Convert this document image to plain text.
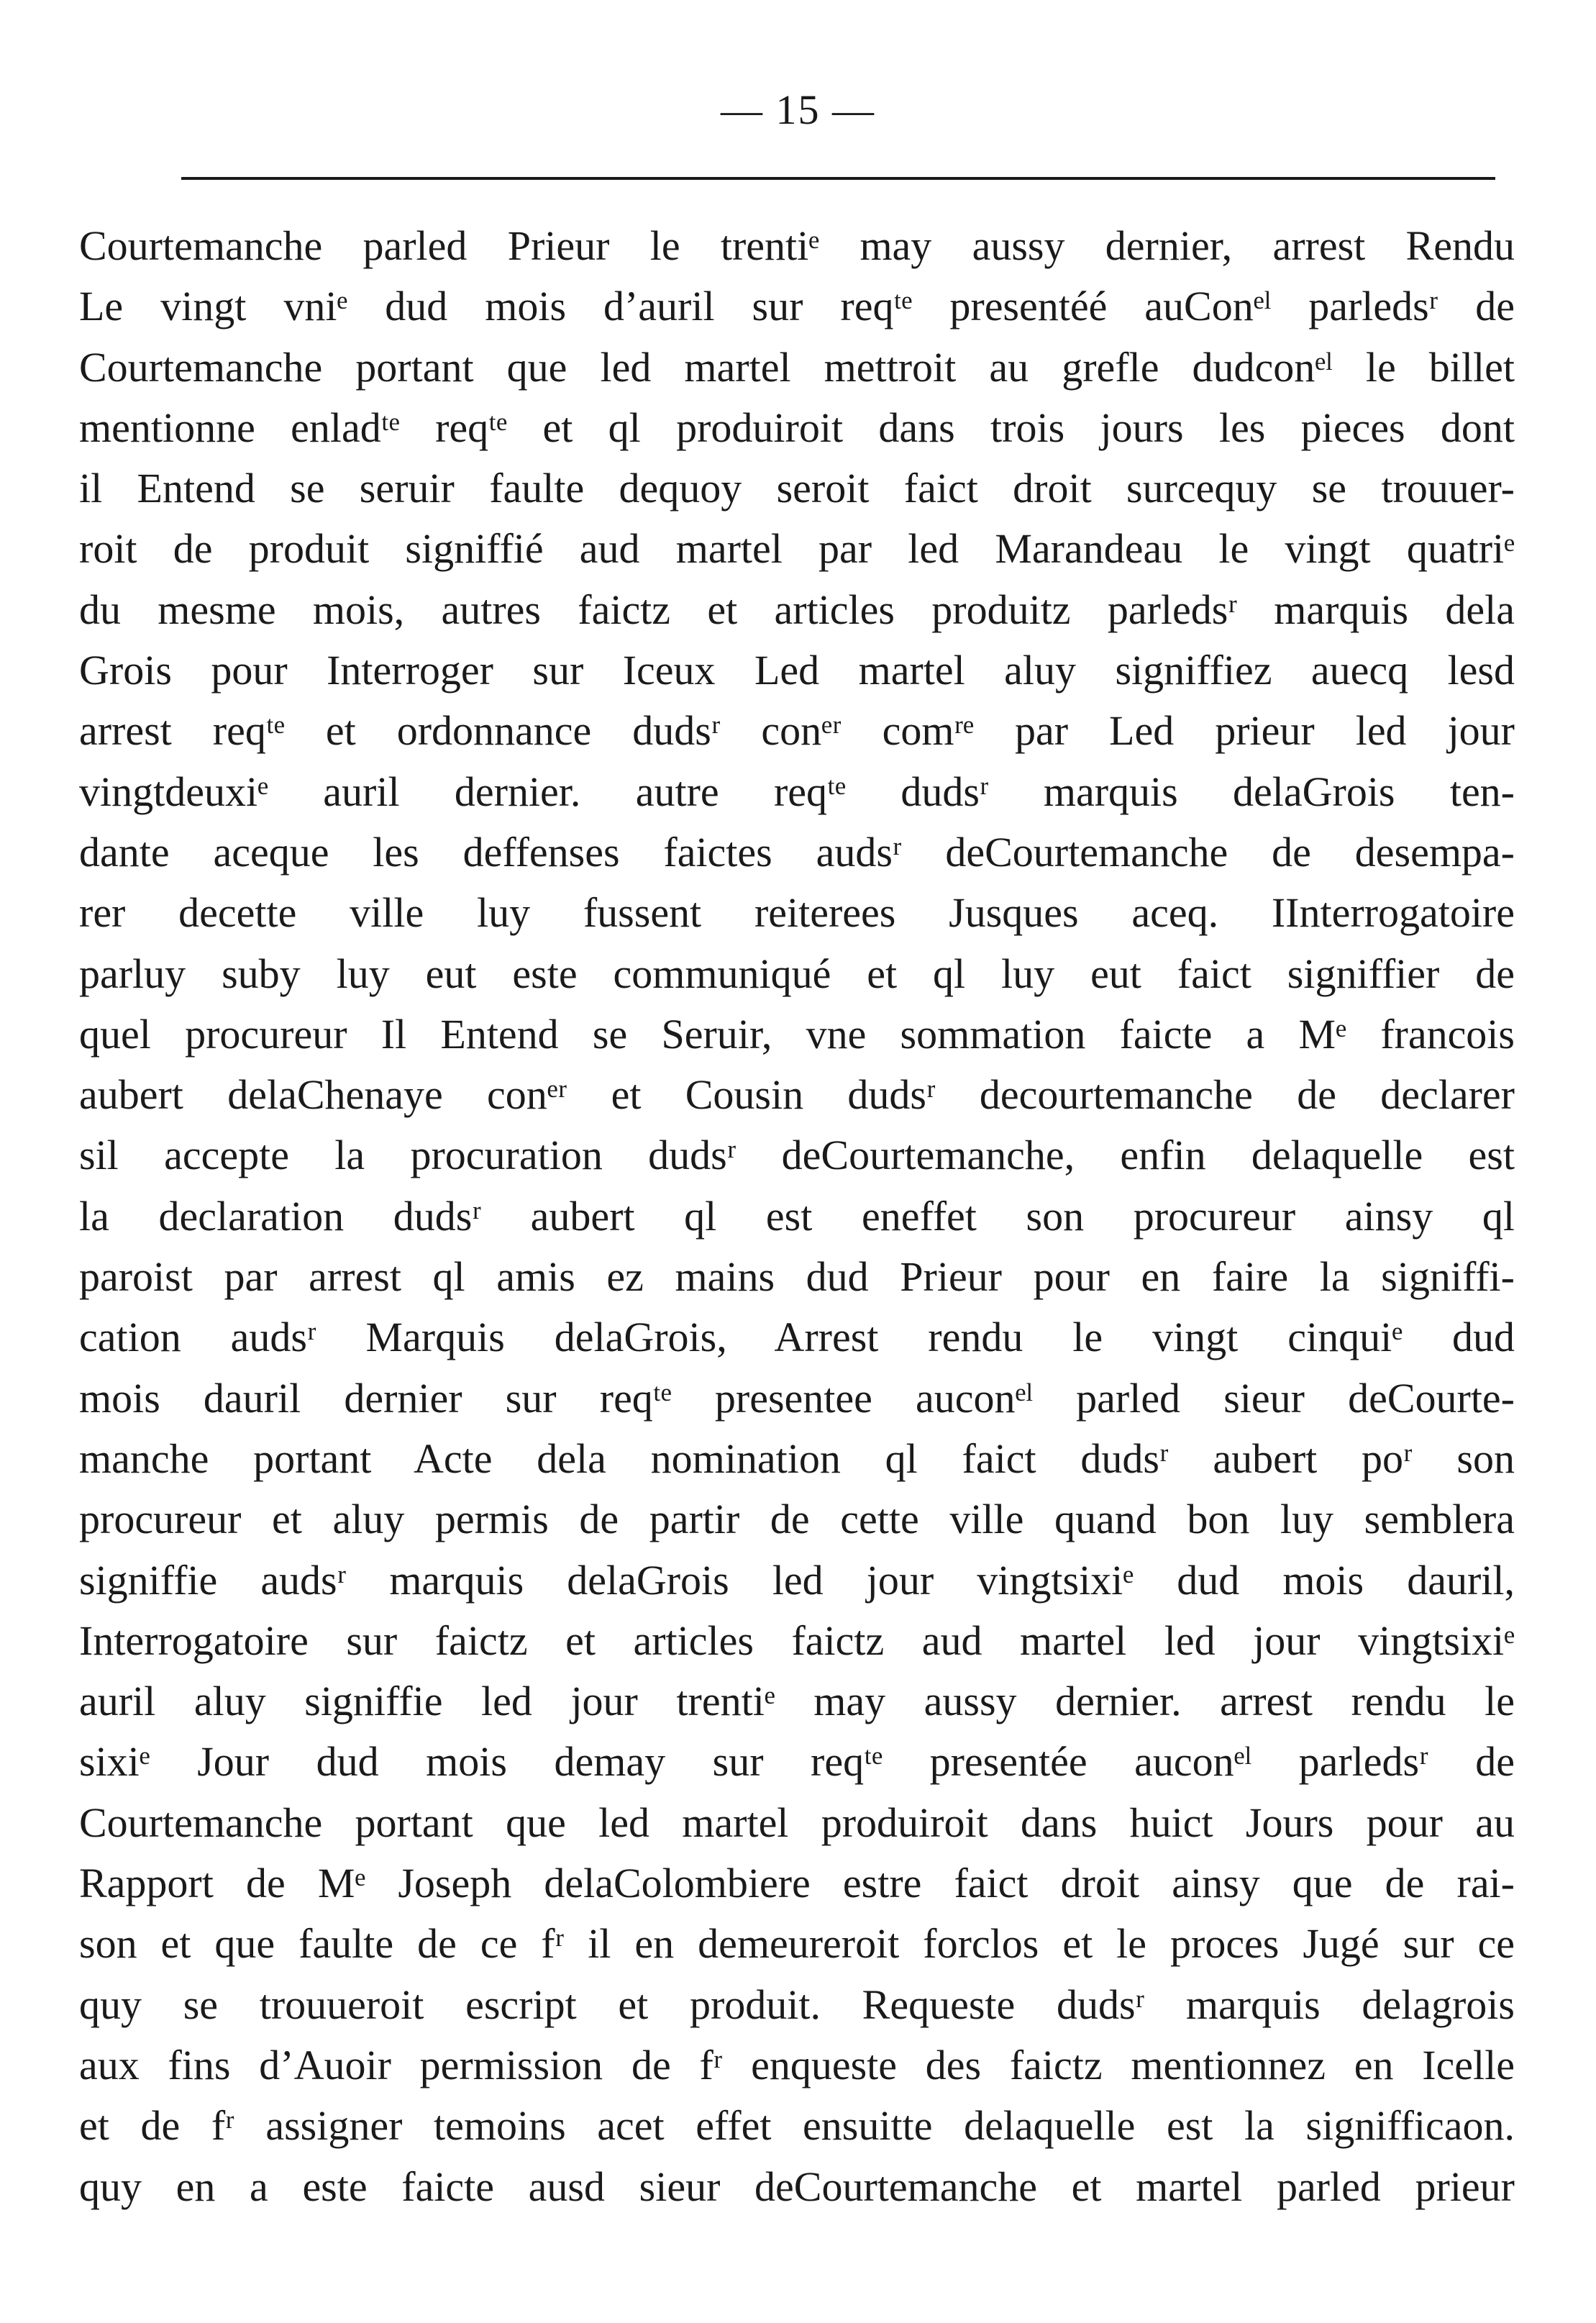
— 15 —
Courtemanche parled Prieur le trentiᵉ may aussy dernier, arrest Rendu
Le vingt vniᵉ dud mois d’auril sur reqᵗᵉ presentéé auConᵉˡ parledsʳ de
Courtemanche portant que led martel mettroit au grefle dudconᵉˡ le billet
mentionne enladᵗᵉ reqᵗᵉ et ql produiroit dans trois jours les pieces dont
il Entend se seruir faulte dequoy seroit faict droit surcequy se trouuer-
roit de produit signiffié aud martel par led Marandeau le vingt quatriᵉ
du mesme mois, autres faictz et articles produitz parledsʳ marquis dela
Grois pour Interroger sur Iceux Led martel aluy signiffiez auecq lesd
arrest reqᵗᵉ et ordonnance dudsʳ conᵉʳ comʳᵉ par Led prieur led jour
vingtdeuxiᵉ auril dernier. autre reqᵗᵉ dudsʳ marquis delaGrois ten-
dante aceque les deffenses faictes audsʳ deCourtemanche de desempa-
rer decette ville luy fussent reiterees Jusques aceq. IInterrogatoire
parluy suby luy eut este communiqué et ql luy eut faict signiffier de
quel procureur Il Entend se Seruir, vne sommation faicte a Mᵉ francois
aubert delaChenaye conᵉʳ et Cousin dudsʳ decourtemanche de declarer
sil accepte la procuration dudsʳ deCourtemanche, enfin delaquelle est
la declaration dudsʳ aubert ql est eneffet son procureur ainsy ql
paroist par arrest ql amis ez mains dud Prieur pour en faire la signiffi-
cation audsʳ Marquis delaGrois, Arrest rendu le vingt cinquiᵉ dud
mois dauril dernier sur reqᵗᵉ presentee auconᵉˡ parled sieur deCourte-
manche portant Acte dela nomination ql faict dudsʳ aubert poʳ son
procureur et aluy permis de partir de cette ville quand bon luy semblera
signiffie audsʳ marquis delaGrois led jour vingtsixiᵉ dud mois dauril,
Interrogatoire sur faictz et articles faictz aud martel led jour vingtsixiᵉ
auril aluy signiffie led jour trentiᵉ may aussy dernier. arrest rendu le
sixiᵉ Jour dud mois demay sur reqᵗᵉ presentée auconᵉˡ parledsʳ de
Courtemanche portant que led martel produiroit dans huict Jours pour au
Rapport de Mᵉ Joseph delaColombiere estre faict droit ainsy que de rai-
son et que faulte de ce fʳ il en demeureroit forclos et le proces Jugé sur ce
quy se trouueroit escript et produit. Requeste dudsʳ marquis delagrois
aux fins d’Auoir permission de fʳ enqueste des faictz mentionnez en Icelle
et de fʳ assigner temoins acet effet ensuitte delaquelle est la signifficaon.
quy en a este faicte ausd sieur deCourtemanche et martel parled prieur
